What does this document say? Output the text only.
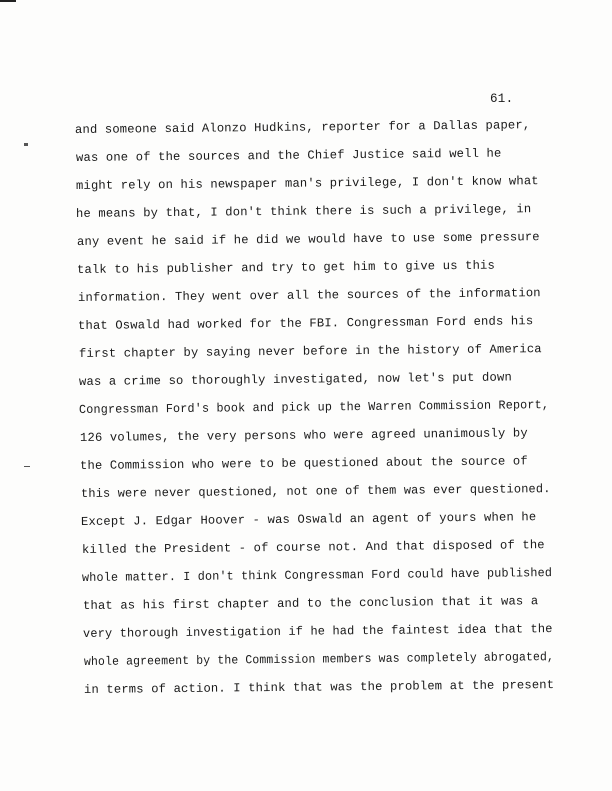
61.
and someone said Alonzo Hudkins, reporter for a Dallas paper,
was one of the sources and the Chief Justice said well he
might rely on his newspaper man's privilege, I don't know what
he means by that, I don't think there is such a privilege, in
any event he said if he did we would have to use some pressure
talk to his publisher and try to get him to give us this
information. They went over all the sources of the information
that Oswald had worked for the FBI. Congressman Ford ends his
first chapter by saying never before in the history of America
was a crime so thoroughly investigated, now let's put down
Congressman Ford's book and pick up the Warren Commission Report,
126 volumes, the very persons who were agreed unanimously by
the Commission who were to be questioned about the source of
this were never questioned, not one of them was ever questioned.
Except J. Edgar Hoover - was Oswald an agent of yours when he
killed the President - of course not. And that disposed of the
whole matter. I don't think Congressman Ford could have published
that as his first chapter and to the conclusion that it was a
very thorough investigation if he had the faintest idea that the
whole agreement by the Commission members was completely abrogated,
in terms of action. I think that was the problem at the present
